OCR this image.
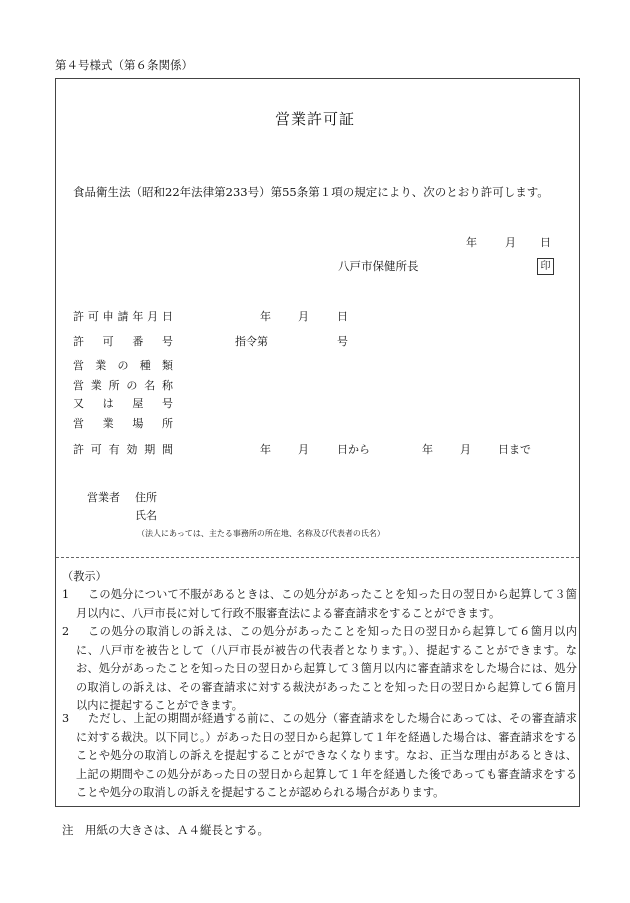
第４号様式（第６条関係）
営業許可証
食品衛生法（昭和22年法律第233号）第55条第１項の規定により、次のとおり許可します。
年	月 日
八戸市保健所長	印
許 可 申 請 年 月 日	年 月	日
許 可 番 号	指令第	号
営 業 の 種 類
営 業 所 の 名 称
又 は 屋 号
営 業 場 所
許 可 有 効 期 間	年 月	日から	年 月 日まで
営業者 住所
氏名
（法人にあっては、主たる事務所の所在地、名称及び代表者の氏名）
（教示）
1	この処分について不服があるときは、この処分があったことを知った日の翌日から起算して３箇月以内に、八戸市長に対して行政不服審査法による審査請求をすることができます。
2	この処分の取消しの訴えは、この処分があったことを知った日の翌日から起算して６箇月以内に、八戸市を被告として（八戸市長が被告の代表者となります。）、提起することができます。なお、処分があったことを知った日の翌日から起算して３箇月以内に審査請求をした場合には、処分の取消しの訴えは、その審査請求に対する裁決があったことを知った日の翌日から起算して６箇月以内に提起することができます。
3	ただし、上記の期間が経過する前に、この処分（審査請求をした場合にあっては、その審査請求に対する裁決。以下同じ。）があった日の翌日から起算して１年を経過した場合は、審査請求をすることや処分の取消しの訴えを提起することができなくなります。なお、正当な理由があるときは、上記の期間やこの処分があった日の翌日から起算して１年を経過した後であっても審査請求をすることや処分の取消しの訴えを提起することが認められる場合があります。
注　用紙の大きさは、Ａ４縦長とする。
